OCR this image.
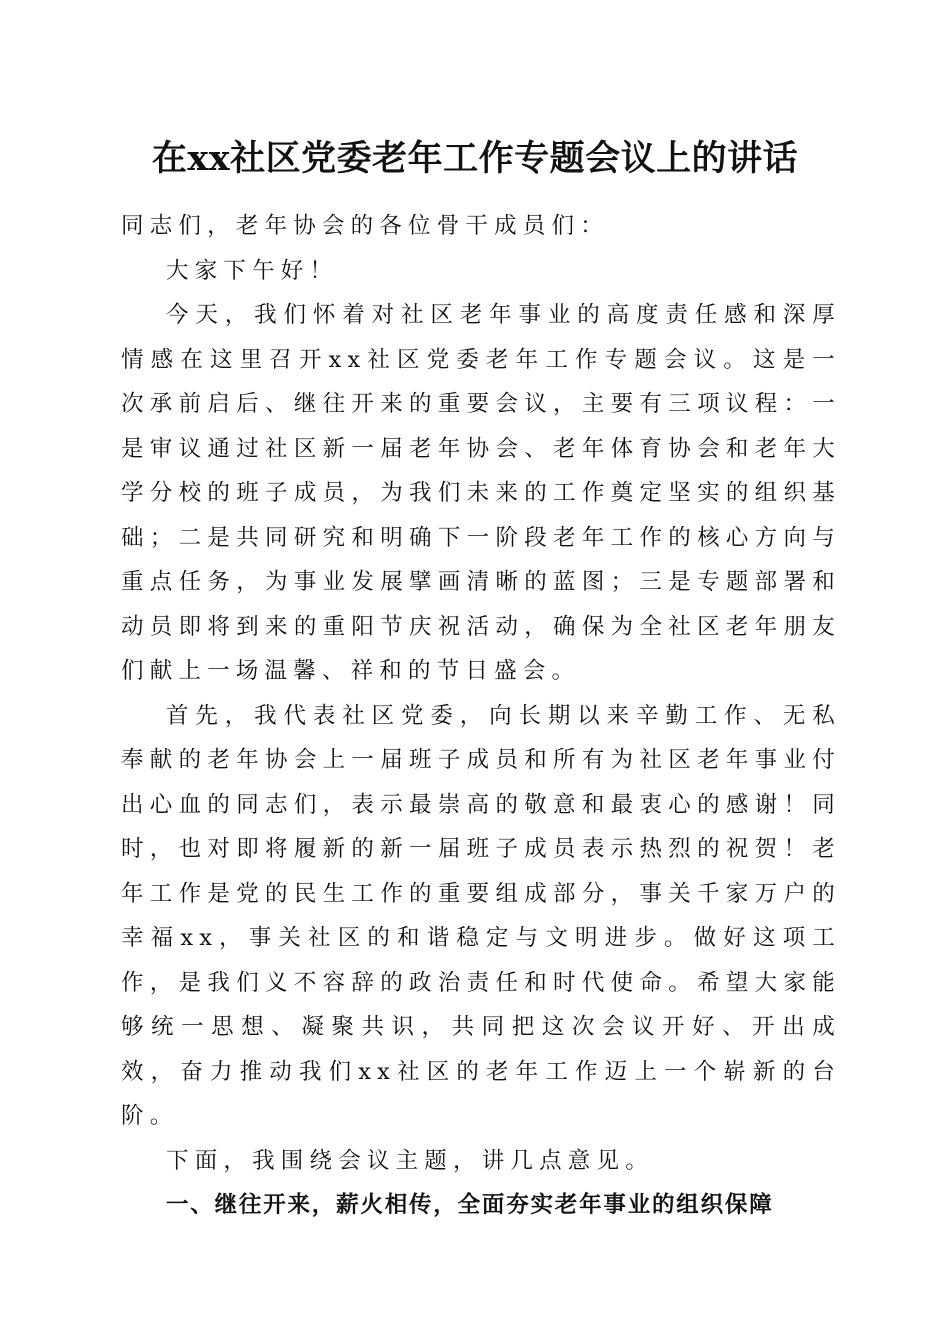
在xx社区党委老年工作专题会议上的讲话

同志们，老年协会的各位骨干成员们：

大家下午好！

今天，我们怀着对社区老年事业的高度责任感和深厚情感在这里召开xx社区党委老年工作专题会议。这是一次承前启后、继往开来的重要会议，主要有三项议程：一是审议通过社区新一届老年协会、老年体育协会和老年大学分校的班子成员，为我们未来的工作奠定坚实的组织基础；二是共同研究和明确下一阶段老年工作的核心方向与重点任务，为事业发展擘画清晰的蓝图；三是专题部署和动员即将到来的重阳节庆祝活动，确保为全社区老年朋友们献上一场温馨、祥和的节日盛会。

首先，我代表社区党委，向长期以来辛勤工作、无私奉献的老年协会上一届班子成员和所有为社区老年事业付出心血的同志们，表示最崇高的敬意和最衷心的感谢！同时，也对即将履新的新一届班子成员表示热烈的祝贺！老年工作是党的民生工作的重要组成部分，事关千家万户的幸福xx，事关社区的和谐稳定与文明进步。做好这项工作，是我们义不容辞的政治责任和时代使命。希望大家能够统一思想、凝聚共识，共同把这次会议开好、开出成效，奋力推动我们xx社区的老年工作迈上一个崭新的台阶。

下面，我围绕会议主题，讲几点意见。

一、继往开来，薪火相传，全面夯实老年事业的组织保障
